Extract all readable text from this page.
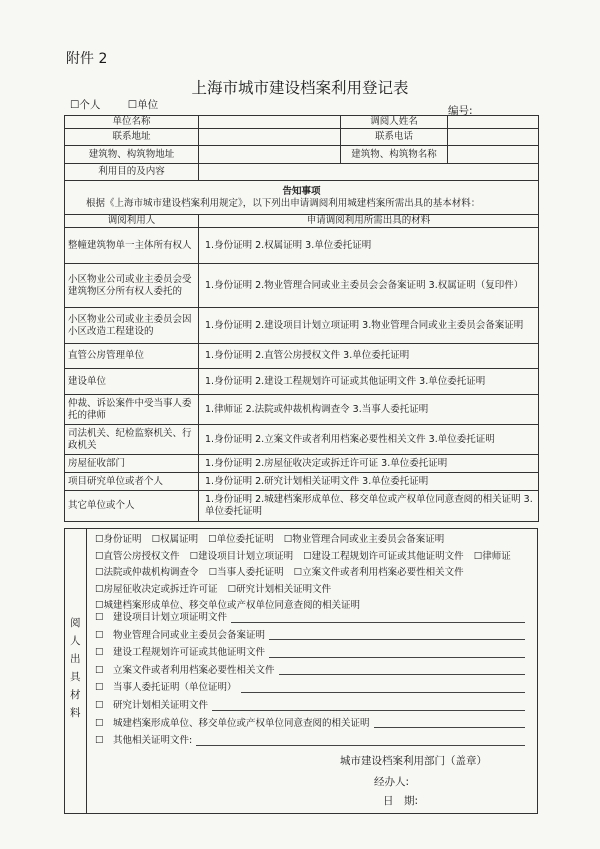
附件 2
上海市城市建设档案利用登记表
☐个人	☐单位	编号:
单位名称		调阅人姓名	
联系地址		联系电话	
建筑物、构筑物地址		建筑物、构筑物名称	
利用目的及内容			

告知事项
根据《上海市城市建设档案利用规定》，以下列出申请调阅利用城建档案所需出具的基本材料：			

调阅利用人	申请调阅利用所需出具的材料		
整幢建筑物单一主体所有权人	1.身份证明 2.权属证明 3.单位委托证明		
小区物业公司或业主委员会受建筑物区分所有权人委托的	1.身份证明 2.物业管理合同或业主委员会会备案证明 3.权属证明（复印件）		
小区物业公司或业主委员会因小区改造工程建设的	1.身份证明 2.建设项目计划立项证明 3.物业管理合同或业主委员会备案证明		
直管公房管理单位	1.身份证明 2.直管公房授权文件 3.单位委托证明		
建设单位	1.身份证明 2.建设工程规划许可证或其他证明文件 3.单位委托证明		
仲裁、诉讼案件中受当事人委托的律师	1.律师证 2.法院或仲裁机构调查令 3.当事人委托证明		
司法机关、纪检监察机关、行政机关	1.身份证明 2.立案文件或者利用档案必要性相关文件 3.单位委托证明		
房屋征收部门	1.身份证明 2.房屋征收决定或拆迁许可证 3.单位委托证明		
项目研究单位或者个人	1.身份证明 2.研究计划相关证明文件 3.单位委托证明		
其它单位或个人	1.身份证明 2.城建档案形成单位、移交单位或产权单位同意查阅的相关证明 3.单位委托证明		
阅
人
出
具
材
料
☐身份证明 ☐权属证明 ☐单位委托证明 ☐物业管理合同或业主委员会备案证明 ☐直管公房授权文件 ☐建设项目计划立项证明 ☐建设工程规划许可证或其他证明文件 ☐律师证 ☐法院或仲裁机构调查令 ☐当事人委托证明 ☐立案文件或者利用档案必要性相关文件 ☐房屋征收决定或拆迁许可证 ☐研究计划相关证明文件 ☐城建档案形成单位、移交单位或产权单位同意查阅的相关证明
☐ 建设项目计划立项证明文件
☐ 物业管理合同或业主委员会备案证明
☐ 建设工程规划许可证或其他证明文件
☐ 立案文件或者利用档案必要性相关文件
☐ 当事人委托证明（单位证明）
☐ 研究计划相关证明文件
☐ 城建档案形成单位、移交单位或产权单位同意查阅的相关证明
☐ 其他相关证明文件:
城市建设档案利用部门（盖章）
经办人:
日　期:
